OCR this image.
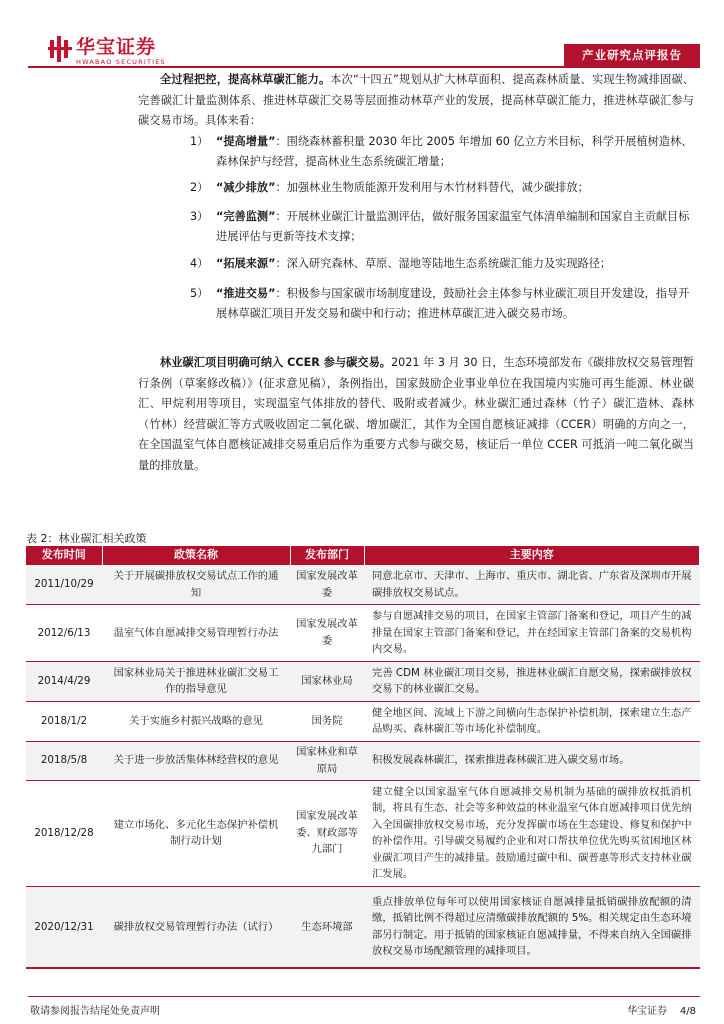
华宝证券
HWABAO SECURITIES	产业研究点评报告

全过程把控，提高林草碳汇能力。本次“十四五”规划从扩大林草面积、提高森林质量、实现生物减排固碳、完善碳汇计量监测体系、推进林草碳汇交易等层面推动林草产业的发展，提高林草碳汇能力，推进林草碳汇参与碳交易市场。具体来看：

1） “提高增量”：围绕森林蓄积量 2030 年比 2005 年增加 60 亿立方米目标，科学开展植树造林、森林保护与经营，提高林业生态系统碳汇增量；
2） “减少排放”：加强林业生物质能源开发利用与木竹材料替代，减少碳排放；
3） “完善监测”：开展林业碳汇计量监测评估，做好服务国家温室气体清单编制和国家自主贡献目标进展评估与更新等技术支撑；
4） “拓展来源”：深入研究森林、草原、湿地等陆地生态系统碳汇能力及实现路径；
5） “推进交易”：积极参与国家碳市场制度建设，鼓励社会主体参与林业碳汇项目开发建设，指导开展林草碳汇项目开发交易和碳中和行动；推进林草碳汇进入碳交易市场。

林业碳汇项目明确可纳入 CCER 参与碳交易。2021 年 3 月 30 日，生态环境部发布《碳排放权交易管理暂行条例（草案修改稿）》(征求意见稿），条例指出，国家鼓励企业事业单位在我国境内实施可再生能源、林业碳汇、甲烷利用等项目，实现温室气体排放的替代、吸附或者减少。林业碳汇通过森林（竹子）碳汇造林、森林（竹林）经营碳汇等方式吸收固定二氧化碳、增加碳汇，其作为全国自愿核证减排（CCER）明确的方向之一，在全国温室气体自愿核证减排交易重启后作为重要方式参与碳交易，核证后一单位 CCER 可抵消一吨二氧化碳当量的排放量。

表 2：林业碳汇相关政策
发布时间	政策名称	发布部门	主要内容
2011/10/29	关于开展碳排放权交易试点工作的通知	国家发展改革委	同意北京市、天津市、上海市、重庆市、湖北省、广东省及深圳市开展碳排放权交易试点。
2012/6/13	温室气体自愿减排交易管理暂行办法	国家发展改革委	参与自愿减排交易的项目，在国家主管部门备案和登记，项目产生的减排量在国家主管部门备案和登记，并在经国家主管部门备案的交易机构内交易。
2014/4/29	国家林业局关于推进林业碳汇交易工作的指导意见	国家林业局	完善 CDM 林业碳汇项目交易，推进林业碳汇自愿交易，探索碳排放权交易下的林业碳汇交易。
2018/1/2	关于实施乡村振兴战略的意见	国务院	健全地区间、流域上下游之间横向生态保护补偿机制，探索建立生态产品购买、森林碳汇等市场化补偿制度。
2018/5/8	关于进一步放活集体林经营权的意见	国家林业和草原局	积极发展森林碳汇，探索推进森林碳汇进入碳交易市场。
2018/12/28	建立市场化、多元化生态保护补偿机制行动计划	国家发展改革委、财政部等九部门	建立健全以国家温室气体自愿减排交易机制为基础的碳排放权抵消机制，将具有生态、社会等多种效益的林业温室气体自愿减排项目优先纳入全国碳排放权交易市场，充分发挥碳市场在生态建设、修复和保护中的补偿作用。引导碳交易履约企业和对口帮扶单位优先购买贫困地区林业碳汇项目产生的减排量。鼓励通过碳中和、碳普惠等形式支持林业碳汇发展。
2020/12/31	碳排放权交易管理暂行办法（试行）	生态环境部	重点排放单位每年可以使用国家核证自愿减排量抵销碳排放配额的清缴，抵销比例不得超过应清缴碳排放配额的 5%。相关规定由生态环境部另行制定。用于抵销的国家核证自愿减排量，不得来自纳入全国碳排放权交易市场配额管理的减排项目。
敬请参阅报告结尾处免责声明	华宝证券 4/8
